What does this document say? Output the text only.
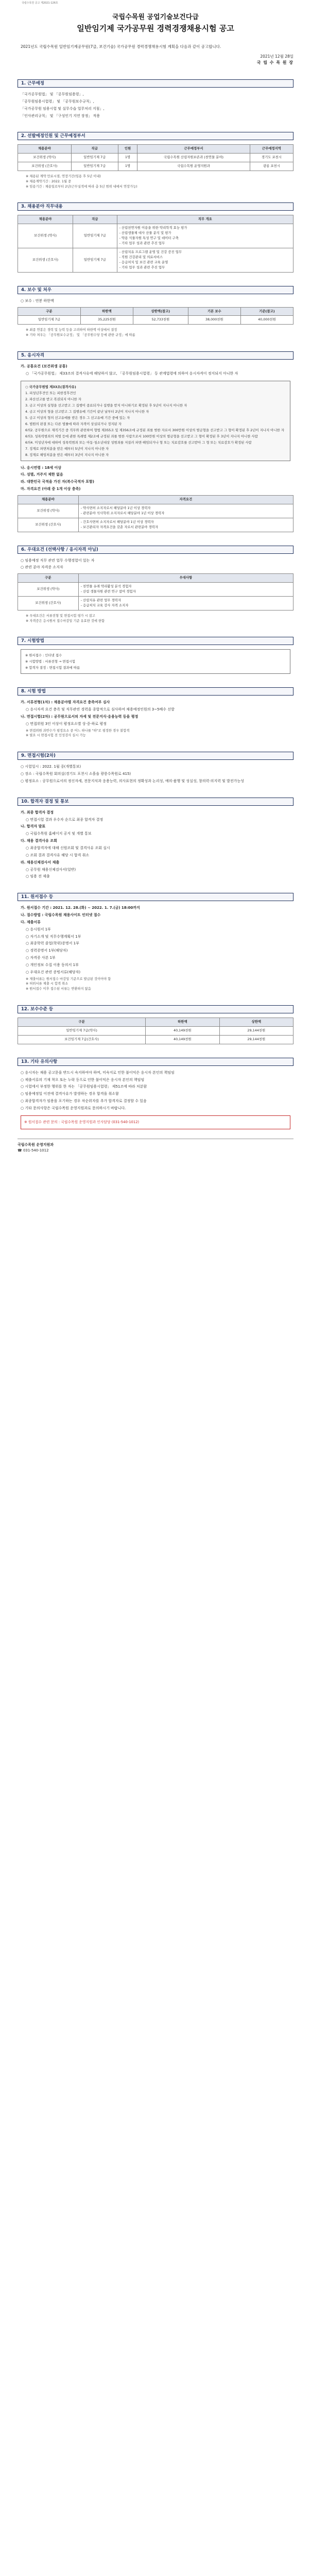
국립수목원 공고 제2021-126호
국립수목원 공업기술보건다급
일반임기제 국가공무원 경력경쟁채용시험 공고

2021년도 국립수목원 일반임기제공무원(7급, 보건기술) 국가공무원 경력경쟁채용시험 계획을 다음과 같이 공고합니다.

2021년 12월 28일
국 립 수 목 원 장
1. 근무예정
「국가공무원법」 및 「공무원임용령」,
「공무원임용시험령」 및 「공무원보수규칙」,
「국가공무원 임용시험 및 실무수습 업무처리 지침」,
「인사관리규칙」 및 「구성인기 지연 장정」 적용
2. 선발예정인원 및 근무예정부서
채용분야	직급	인원	근무예정부서	근무예정지역
보건위생 (약사)	일반임기제 7급	1명	국립수목원 산림자원보존과 (천연물 분야)	경기도 포천시
보건위생 (간호사)	일반임기제 7급	1명	국립수목원 운영지원과	광릉 포천시
※ 채용된 계약 만료시점, 연장기간(임용 후 5년 이내)
※ 채용계약기간 : 2022. 1월 중
※ 임용기간 : 채용일로부터 2년(근무실적에 따라 총 5년 범위 내에서 연장가능)
3. 채용분야 직무내용
채용분야	직급	직무 개요
보건위생 (약사)	일반임기제 7급	- 산림천연자원 이용을 위한 약리학적 효능 평가
- 산림생물체 대사 산물 분석 및 평가
- 약용 식물자원 특성 연구 및 데이터 구축
- 기타 업무 성과 관련 추진 업무
보건위생 (간호사)	일반임기제 7급	- 산림치유 프로그램 운영 및 건강 증진 업무
- 직원 건강관리 및 의료서비스
- 응급처치 및 보건 관련 교육 운영
- 기타 업무 성과 관련 추진 업무
4. 보수 및 처우
○ 보수 : 연봉 하한액
구분	하한액	상한액(참고)	기본 보수	기준(참고)
일반임기제 7급	35,225천원	52,733천원	38,000천원	40,000천원
※ 최종 연봉은 경력 및 능력 등을 고려하여 하한액 이상에서 결정
※ 기타 처우는 「공무원보수규정」 및 「공무원수당 등에 관한 규정」에 따름
5. 응시자격
가. 공통요건 (보건위생 공통)
○ 「국가공무원법」 제33조의 결격사유에 해당하지 않고, 「공무원임용시험령」 등 관계법령에 의하여 응시자격이 정지되지 아니한 자
○ 국가공무원법 제33조(결격사유)
1. 피성년후견인 또는 피한정후견인
2. 파산선고를 받고 복권되지 아니한 자
3. 금고 이상의 실형을 선고받고 그 집행이 종료되거나 집행을 받지 아니하기로 확정된 후 5년이 지나지 아니한 자
4. 금고 이상의 형을 선고받고 그 집행유예 기간이 끝난 날부터 2년이 지나지 아니한 자
5. 금고 이상의 형의 선고유예를 받은 경우 그 선고유예 기간 중에 있는 자
6. 법원의 판결 또는 다른 법률에 따라 자격이 상실되거나 정지된 자
6의2. 공무원으로 재직기간 중 직무와 관련하여 형법 제355조 및 제356조에 규정된 죄를 범한 자로서 300만원 이상의 벌금형을 선고받고 그 형이 확정된 후 2년이 지나지 아니한 자
6의3. 성폭력범죄의 처벌 등에 관한 특례법 제2조에 규정된 죄를 범한 사람으로서 100만원 이상의 벌금형을 선고받고 그 형이 확정된 후 3년이 지나지 아니한 사람
6의4. 미성년자에 대하여 성폭력범죄 또는 아동·청소년대상 성범죄를 저질러 파면·해임되거나 형 또는 치료감호를 선고받아 그 형 또는 치료감호가 확정된 사람
7. 징계로 파면처분을 받은 때부터 5년이 지나지 아니한 자
8. 징계로 해임처분을 받은 때부터 3년이 지나지 아니한 자
나. 응시연령 : 18세 이상
다. 성별, 거주지 제한 없음
라. 대한민국 국적을 가진 자(복수국적자 포함)
마. 자격요건 (아래 중 1개 이상 충족)
채용분야	자격요건
보건위생 (약사)	- 약사면허 소지자로서 해당분야 1년 이상 경력자
- 관련분야 석사학위 소지자로서 해당분야 1년 이상 경력자
보건위생 (간호사)	- 간호사면허 소지자로서 해당분야 1년 이상 경력자
- 보건관리자 자격요건을 갖춘 자로서 관련분야 경력자
6. 우대요건 (선택사항 / 응시자격 아님)
○ 임용예정 직무 관련 업무 수행경험이 있는 자
○ 관련 분야 자격증 소지자
구분	우대사항
보건위생 (약사)	- 천연물 유래 약리활성 분석 경험자
- 산림 생물자원 관련 연구 참여 경험자
보건위생 (간호사)	- 산림치유 관련 업무 경력자
- 응급처치 교육 강사 자격 소지자
※ 우대요건은 서류전형 및 면접시험 평가 시 참고
※ 자격증은 응시원서 접수마감일 기준 유효한 것에 한함
7. 시험방법
※ 원서접수 : 인터넷 접수
※ 시험방법 : 서류전형 → 면접시험
※ 합격자 결정 : 면접시험 결과에 따름
8. 시험 방법
가. 서류전형(1차) : 채용분야별 자격요건 충족여부 심사
○ 응시자격 요건 충족 및 직무관련 경력을 종합적으로 심사하여 채용예정인원의 3~5배수 선발
나. 면접시험(2차) : 공무원으로서의 자세 및 전문지식·응용능력 등을 평정
○ 면접위원 3인 이상이 평정요소별 상·중·하로 평정
※ 면접위원 과반수가 평정요소 중 어느 하나를 "하"로 평정한 경우 불합격
※ 필요 시 면접시험 전 인성검사 실시 가능
9. 면접시험(2차)
○ 시험일시 : 2022. 1월 중(개별통보)
○ 장소 : 국립수목원 회의실(경기도 포천시 소흘읍 광릉수목원로 415)
○ 평정요소 : 공무원으로서의 정신자세, 전문지식과 응용능력, 의사표현의 정확성과 논리성, 예의·품행 및 성실성, 창의력·의지력 및 발전가능성
10. 합격자 결정 및 통보
가. 최종 합격자 결정
○ 면접시험 결과 우수자 순으로 최종 합격자 결정
나. 합격자 발표
○ 국립수목원 홈페이지 공지 및 개별 통보
다. 채용 결격사유 조회
○ 최종합격자에 대해 신원조회 및 결격사유 조회 실시
○ 조회 결과 결격사유 해당 시 합격 취소
라. 채용신체검사서 제출
○ 공무원 채용신체검사서(일반)
○ 임용 전 제출
11. 원서접수 등
가. 원서접수 기간 : 2021. 12. 28.(화) ~ 2022. 1. 7.(금) 18:00까지
나. 접수방법 : 국립수목원 채용사이트 인터넷 접수
다. 제출서류
○ 응시원서 1부
○ 자기소개 및 직무수행계획서 1부
○ 최종학력 졸업(학위)증명서 1부
○ 경력증명서 1부(해당자)
○ 자격증 사본 1부
○ 개인정보 수집 이용 동의서 1부
○ 우대요건 관련 증빙서류(해당자)
※ 제출서류는 원서접수 마감일 기준으로 발급된 것이어야 함
※ 허위서류 제출 시 합격 취소
※ 원서접수 이후 접수된 서류는 반환하지 않음
12. 보수수준 등
구분	하한액	상한액
일반임기제 7급(약사)	40,149천원	29,144천원
보건임기제 7급(간호사)	40,149천원	29,144천원
13. 기타 유의사항
○ 응시자는 채용 공고문을 반드시 숙지하여야 하며, 미숙지로 인한 불이익은 응시자 본인의 책임임
○ 제출서류의 기재 착오 또는 누락 등으로 인한 불이익은 응시자 본인의 책임임
○ 시험에서 부정한 행위를 한 자는 「공무원임용시험령」 제51조에 따라 처분함
○ 임용예정일 이전에 결격사유가 발생하는 경우 합격을 취소함
○ 최종합격자가 임용을 포기하는 경우 차순위자를 추가 합격자로 결정할 수 있음
○ 기타 문의사항은 국립수목원 운영지원과로 문의하시기 바랍니다.
※ 원서접수 관련 문의 : 국립수목원 운영지원과 인사담당 (031-540-1012)
국립수목원 운영지원과
☎ 031-540-1012
